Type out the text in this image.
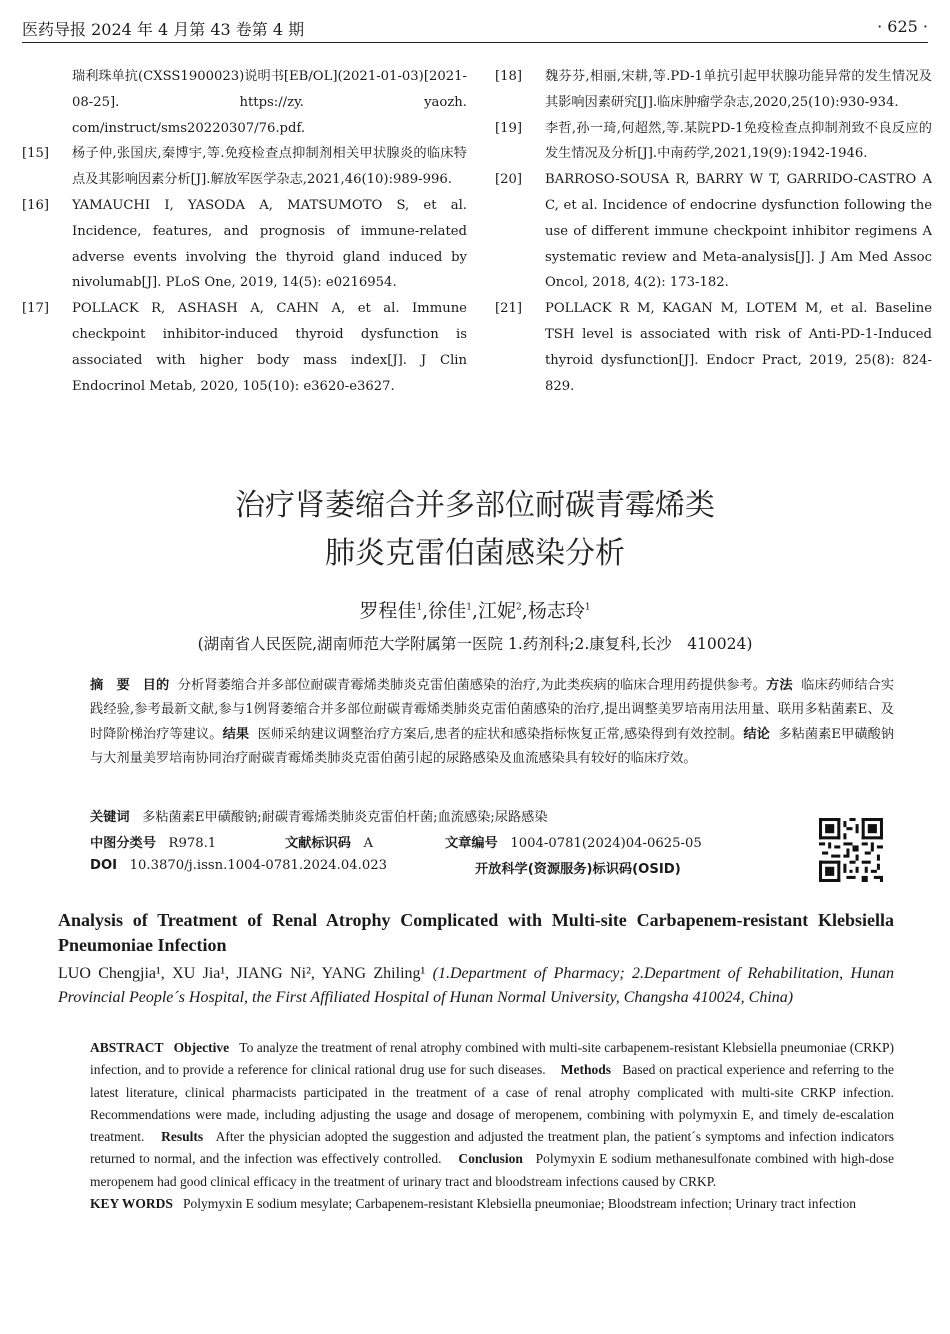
医药导报 2024 年 4 月第 43 卷第 4 期	· 625 ·
瑞利珠单抗(CXSS1900023)说明书[EB/OL](2021-01-03)[2021-08-25]. https://zy. yaozh. com/instruct/sms20220307/76.pdf.
[15] 杨子仲,张国庆,秦博宇,等.免疫检查点抑制剂相关甲状腺炎的临床特点及其影响因素分析[J].解放军医学杂志,2021,46(10):989-996.
[16] YAMAUCHI I, YASODA A, MATSUMOTO S, et al. Incidence, features, and prognosis of immune-related adverse events involving the thyroid gland induced by nivolumab[J]. PLoS One, 2019, 14(5): e0216954.
[17] POLLACK R, ASHASH A, CAHN A, et al. Immune checkpoint inhibitor-induced thyroid dysfunction is associated with higher body mass index[J]. J Clin Endocrinol Metab, 2020, 105(10): e3620-e3627.
[18] 魏芬芬,相丽,宋耕,等.PD-1单抗引起甲状腺功能异常的发生情况及其影响因素研究[J].临床肿瘤学杂志,2020,25(10):930-934.
[19] 李哲,孙一琦,何超然,等.某院PD-1免疫检查点抑制剂致不良反应的发生情况及分析[J].中南药学,2021,19(9):1942-1946.
[20] BARROSO-SOUSA R, BARRY W T, GARRIDO-CASTRO A C, et al. Incidence of endocrine dysfunction following the use of different immune checkpoint inhibitor regimens A systematic review and Meta-analysis[J]. J Am Med Assoc Oncol, 2018, 4(2): 173-182.
[21] POLLACK R M, KAGAN M, LOTEM M, et al. Baseline TSH level is associated with risk of Anti-PD-1-Induced thyroid dysfunction[J]. Endocr Pract, 2019, 25(8): 824-829.
治疗肾萎缩合并多部位耐碳青霉烯类
肺炎克雷伯菌感染分析
罗程佳$^1$,徐佳$^1$,江妮$^2$,杨志玲$^1$
(湖南省人民医院,湖南师范大学附属第一医院 1.药剂科;2.康复科,长沙　410024)
摘　要 目的 分析肾萎缩合并多部位耐碳青霉烯类肺炎克雷伯菌感染的治疗,为此类疾病的临床合理用药提供参考。方法 临床药师结合实践经验,参考最新文献,参与1例肾萎缩合并多部位耐碳青霉烯类肺炎克雷伯菌感染的治疗,提出调整美罗培南用法用量、联用多粘菌素E、及时降阶梯治疗等建议。结果 医师采纳建议调整治疗方案后,患者的症状和感染指标恢复正常,感染得到有效控制。结论 多粘菌素E甲磺酸钠与大剂量美罗培南协同治疗耐碳青霉烯类肺炎克雷伯菌引起的尿路感染及血流感染具有较好的临床疗效。
关键词 多粘菌素E甲磺酸钠;耐碳青霉烯类肺炎克雷伯杆菌;血流感染;尿路感染
中图分类号 R978.1	文献标识码 A	文章编号 1004-0781(2024)04-0625-05
DOI 10.3870/j.issn.1004-0781.2024.04.023	开放科学(资源服务)标识码(OSID)
Analysis of Treatment of Renal Atrophy Complicated with Multi-site Carbapenem-resistant Klebsiella Pneumoniae Infection
LUO Chengjia¹, XU Jia¹, JIANG Ni², YANG Zhiling¹ (1.Department of Pharmacy; 2.Department of Rehabilitation, Hunan Provincial People´s Hospital, the First Affiliated Hospital of Hunan Normal University, Changsha 410024, China)
ABSTRACT Objective To analyze the treatment of renal atrophy combined with multi-site carbapenem-resistant Klebsiella pneumoniae (CRKP) infection, and to provide a reference for clinical rational drug use for such diseases. Methods Based on practical experience and referring to the latest literature, clinical pharmacists participated in the treatment of a case of renal atrophy complicated with multi-site CRKP infection. Recommendations were made, including adjusting the usage and dosage of meropenem, combining with polymyxin E, and timely de-escalation treatment. Results After the physician adopted the suggestion and adjusted the treatment plan, the patient´s symptoms and infection indicators returned to normal, and the infection was effectively controlled. Conclusion Polymyxin E sodium methanesulfonate combined with high-dose meropenem had good clinical efficacy in the treatment of urinary tract and bloodstream infections caused by CRKP.
KEY WORDS Polymyxin E sodium mesylate; Carbapenem-resistant Klebsiella pneumoniae; Bloodstream infection; Urinary tract infection
